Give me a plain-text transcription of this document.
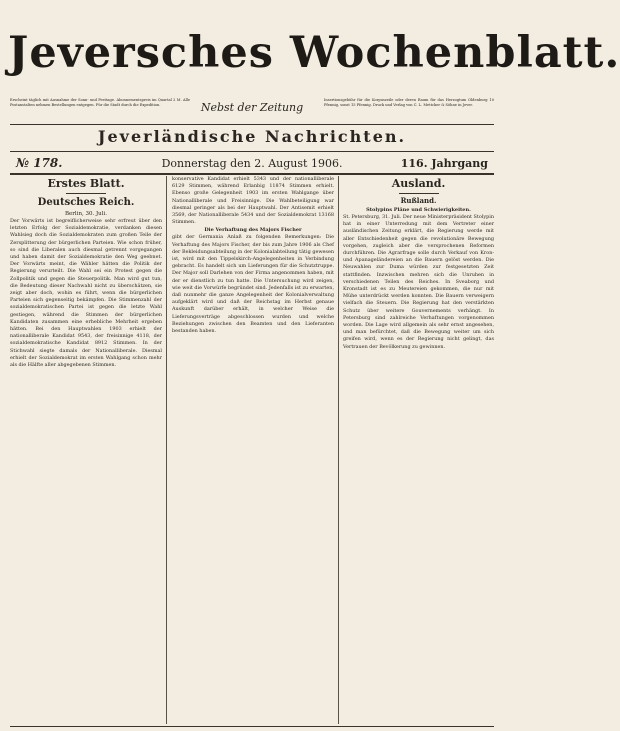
Jeversches Wochenblatt.
Erscheint täglich mit Ausnahme der Sonn- und Festtage. Abonnementspreis im Quartal 2 M. Alle Postanstalten nehmen Bestellungen entgegen. Für die Stadt durch die Expedition.	Nebst der Zeitung
Insertionsgebühr für die Korpuszeile oder deren Raum für das Herzogtum Oldenburg 10 Pfennig, sonst 15 Pfennig. Druck und Verlag von C. L. Mettcker & Söhne in Jever.
Jeverländische Nachrichten.
№ 178.	Donnerstag den 2. August 1906.	116. Jahrgang
Erstes Blatt.
Deutsches Reich.
Berlin, 30. Juli.

Der Vorwärts ist begreiflicherweise sehr erfreut über den letzten Erfolg der Sozialdemokratie, verdanken diesen Wahlsieg doch die Sozialdemokraten zum großen Teile der Zersplitterung der bürgerlichen Parteien. Wie schon früher, so sind die Liberalen auch diesmal getrennt vorgegangen und haben damit der Sozialdemokratie den Weg geebnet. Der Vorwärts meint, die Wähler hätten die Politik der Regierung verurteilt. Die Wahl sei ein Protest gegen die Zollpolitik und gegen die Steuerpolitik. Man wird gut tun, die Bedeutung dieser Nachwahl nicht zu überschätzen, sie zeigt aber doch, wohin es führt, wenn die bürgerlichen Parteien sich gegenseitig bekämpfen. Die Stimmenzahl der sozialdemokratischen Partei ist gegen die letzte Wahl gestiegen, während die Stimmen der bürgerlichen Kandidaten zusammen eine erhebliche Mehrheit ergeben hätten. Bei den Hauptwahlen 1903 erhielt der nationalliberale Kandidat 9543, der freisinnige 4118, der sozialdemokratische Kandidat 8912 Stimmen. In der Stichwahl siegte damals der Nationalliberale. Diesmal erhielt der Sozialdemokrat im ersten Wahlgang schon mehr als die Hälfte aller abgegebenen Stimmen.

konservative Kandidat erhielt 5343 und der nationalliberale 6129 Stimmen, während Erlanbig 11874 Stimmen erhielt. Ebenso große Gelegenheit 1903 im ersten Wahlgange über Nationalliberale und Freisinnige. Die Wahlbeteiligung war diesmal geringer als bei der Hauptwahl. Der Antisemit erhielt 3569, der Nationalliberale 5434 und der Sozialdemokrat 13168 Stimmen.

Die Verhaftung des Majors Fischer

gibt der Germania Anlaß zu folgenden Bemerkungen: Die Verhaftung des Majors Fischer, der bis zum Jahre 1906 als Chef der Bekleidungsabteilung in der Kolonialabteilung tätig gewesen ist, wird mit den Tippelskirch-Angelegenheiten in Verbindung gebracht. Es handelt sich um Lieferungen für die Schutztruppe. Der Major soll Darlehen von der Firma angenommen haben, mit der er dienstlich zu tun hatte. Die Untersuchung wird zeigen, wie weit die Vorwürfe begründet sind. Jedenfalls ist zu erwarten, daß nunmehr die ganze Angelegenheit der Kolonialverwaltung aufgeklärt wird und daß der Reichstag im Herbst genaue Auskunft darüber erhält, in welcher Weise die Lieferungsverträge abgeschlossen wurden und welche Beziehungen zwischen den Beamten und den Lieferanten bestanden haben.

Ausland.
Rußland.
Stolypins Pläne und Schwierigkeiten.

St. Petersburg, 31. Juli. Der neue Ministerpräsident Stolypin hat in einer Unterredung mit dem Vertreter einer ausländischen Zeitung erklärt, die Regierung werde mit aller Entschiedenheit gegen die revolutionäre Bewegung vorgehen, zugleich aber die versprochenen Reformen durchführen. Die Agrarfrage solle durch Verkauf von Kron- und Apanageländereien an die Bauern gelöst werden. Die Neuwahlen zur Duma würden zur festgesetzten Zeit stattfinden. Inzwischen mehren sich die Unruhen in verschiedenen Teilen des Reiches. In Sveaborg und Kronstadt ist es zu Meutereien gekommen, die nur mit Mühe unterdrückt werden konnten. Die Bauern verweigern vielfach die Steuern. Die Regierung hat den verstärkten Schutz über weitere Gouvernements verhängt. In Petersburg sind zahlreiche Verhaftungen vorgenommen worden. Die Lage wird allgemein als sehr ernst angesehen, und man befürchtet, daß die Bewegung weiter um sich greifen wird, wenn es der Regierung nicht gelingt, das Vertrauen der Bevölkerung zu gewinnen.
